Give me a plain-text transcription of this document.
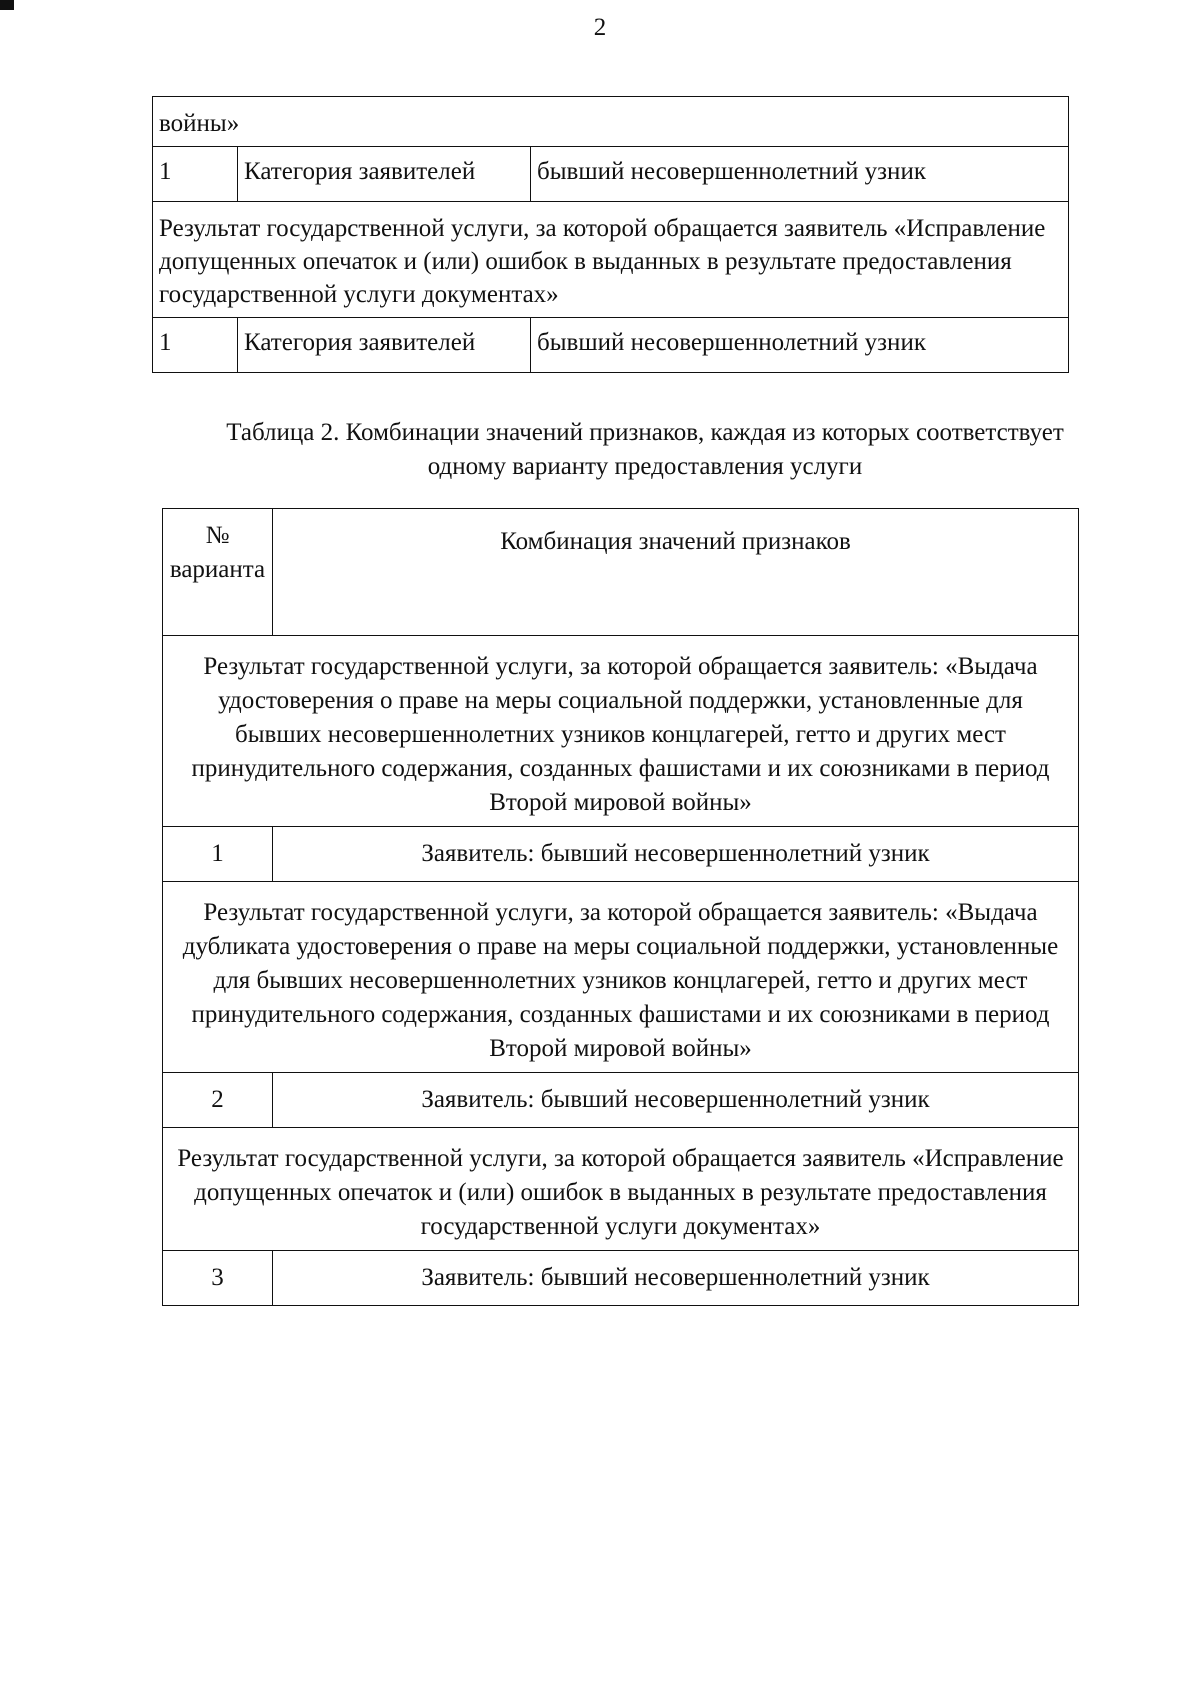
2
войны»		
1	Категория заявителей	бывший несовершеннолетний узник
Результат государственной услуги, за которой обращается заявитель «Исправление допущенных опечаток и (или) ошибок в выданных в результате предоставления государственной услуги документах»		
1	Категория заявителей	бывший несовершеннолетний узник
Таблица 2. Комбинации значений признаков, каждая из которых соответствует
одному варианту предоставления услуги
№ варианта	Комбинация значений признаков
Результат государственной услуги, за которой обращается заявитель: «Выдача удостоверения о праве на меры социальной поддержки, установленные для бывших несовершеннолетних узников концлагерей, гетто и других мест принудительного содержания, созданных фашистами и их союзниками в период Второй мировой войны»	
1	Заявитель: бывший несовершеннолетний узник
Результат государственной услуги, за которой обращается заявитель: «Выдача дубликата удостоверения о праве на меры социальной поддержки, установленные для бывших несовершеннолетних узников концлагерей, гетто и других мест принудительного содержания, созданных фашистами и их союзниками в период Второй мировой войны»	
2	Заявитель: бывший несовершеннолетний узник
Результат государственной услуги, за которой обращается заявитель «Исправление допущенных опечаток и (или) ошибок в выданных в результате предоставления государственной услуги документах»	
3	Заявитель: бывший несовершеннолетний узник
